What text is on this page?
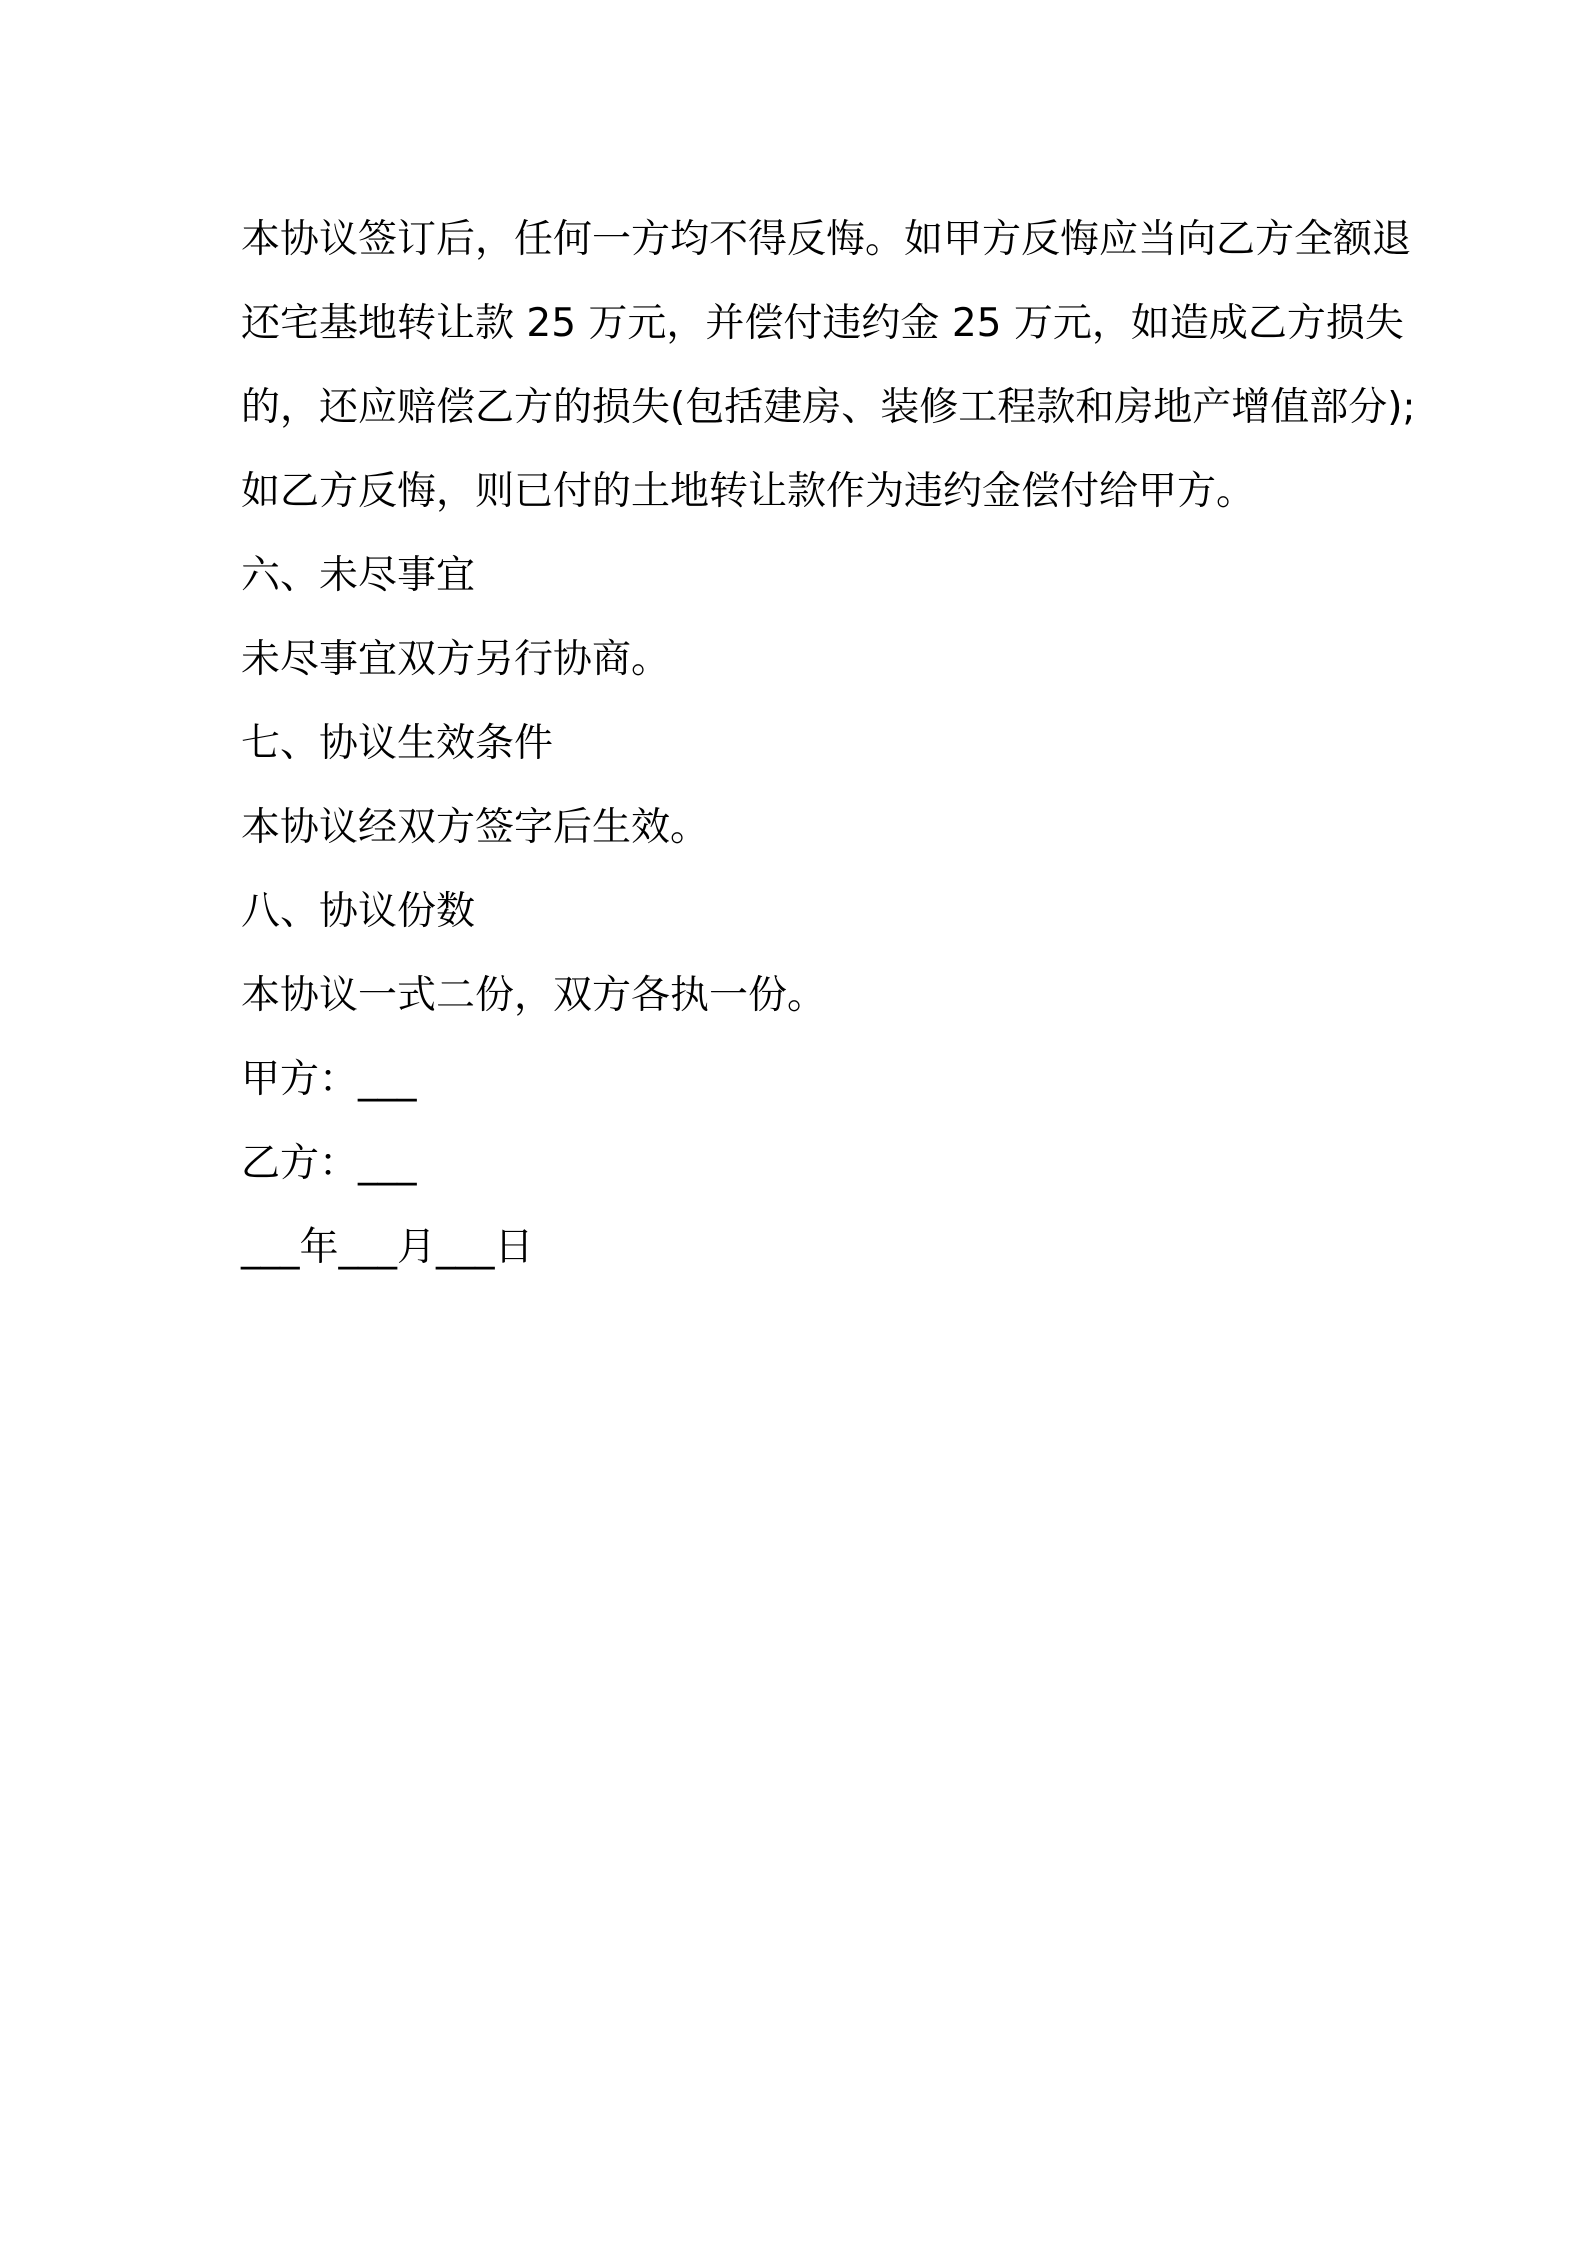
本协议签订后，任何一方均不得反悔。如甲方反悔应当向乙方全额退
还宅基地转让款 25 万元，并偿付违约金 25 万元，如造成乙方损失
的，还应赔偿乙方的损失(包括建房、装修工程款和房地产增值部分);
如乙方反悔，则已付的土地转让款作为违约金偿付给甲方。
六、未尽事宜
未尽事宜双方另行协商。
七、协议生效条件
本协议经双方签字后生效。
八、协议份数
本协议一式二份，双方各执一份。
甲方：___
乙方：___
___年___月___日
